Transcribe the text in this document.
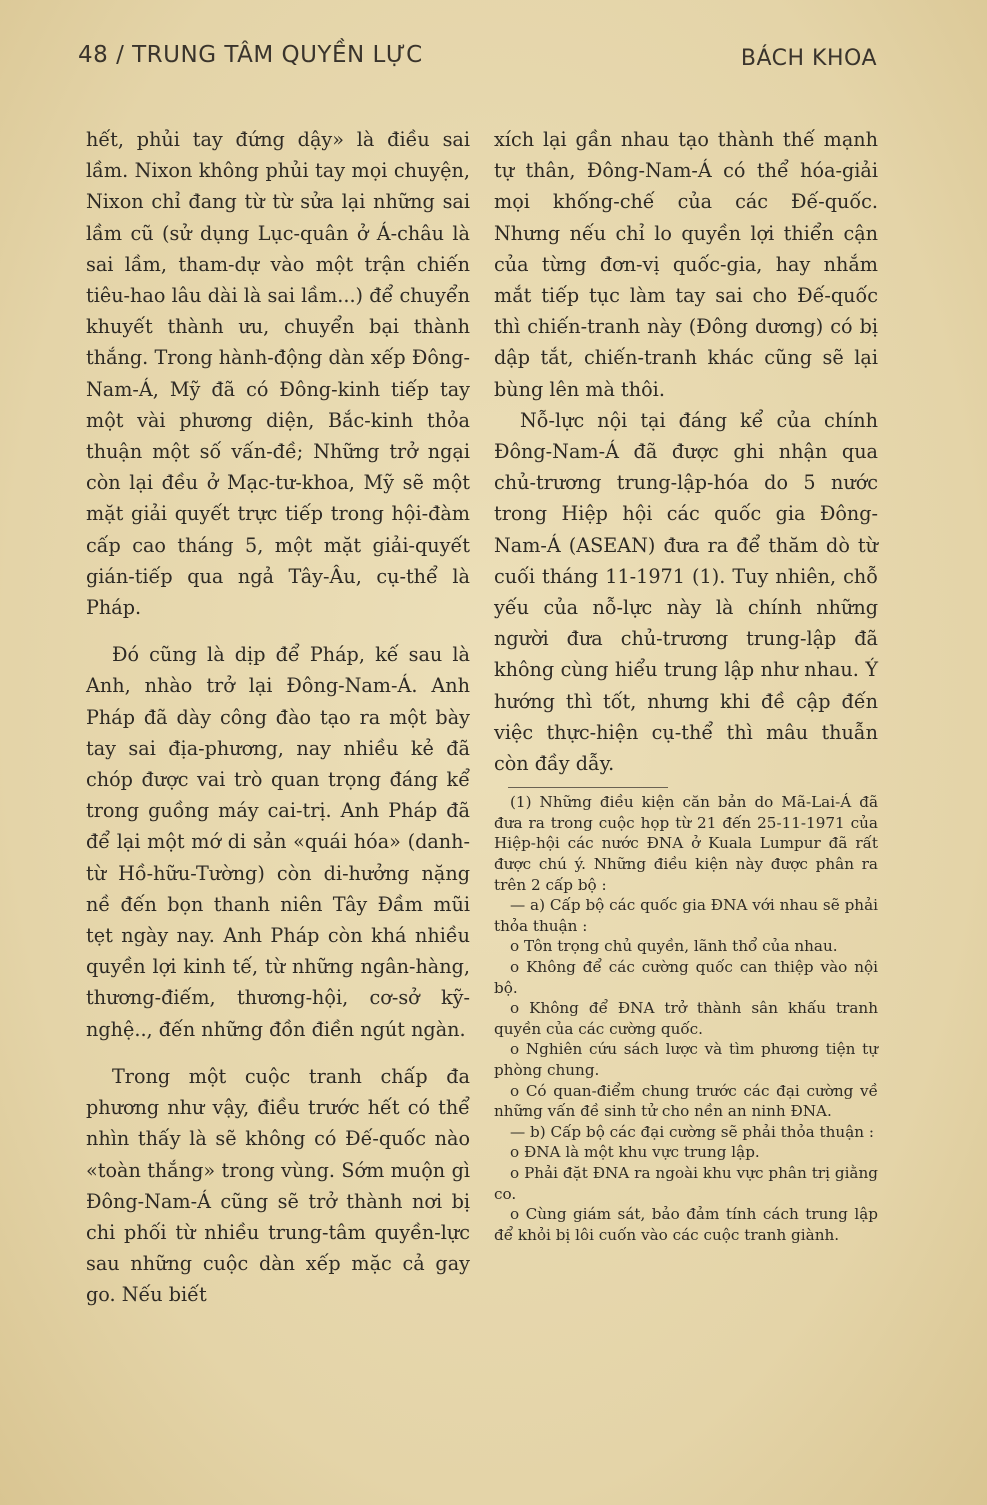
48 / TRUNG TÂM QUYỀN LỰC	BÁCH KHOA

hết, phủi tay đứng dậy» là điều sai lầm. Nixon không phủi tay mọi chuyện, Nixon chỉ đang từ từ sửa lại những sai lầm cũ (sử dụng Lục-quân ở Á-châu là sai lầm, tham-dự vào một trận chiến tiêu-hao lâu dài là sai lầm...) để chuyển khuyết thành ưu, chuyển bại thành thắng. Trong hành-động dàn xếp Đông-Nam-Á, Mỹ đã có Đông-kinh tiếp tay một vài phương diện, Bắc-kinh thỏa thuận một số vấn-đề; Những trở ngại còn lại đều ở Mạc-tư-khoa, Mỹ sẽ một mặt giải quyết trực tiếp trong hội-đàm cấp cao tháng 5, một mặt giải-quyết gián-tiếp qua ngả Tây-Âu, cụ-thể là Pháp.

Đó cũng là dịp để Pháp, kế sau là Anh, nhào trở lại Đông-Nam-Á. Anh Pháp đã dày công đào tạo ra một bày tay sai địa-phương, nay nhiều kẻ đã chóp được vai trò quan trọng đáng kể trong guồng máy cai-trị. Anh Pháp đã để lại một mớ di sản «quái hóa» (danh-từ Hồ-hữu-Tường) còn di-hưởng nặng nề đến bọn thanh niên Tây Đầm mũi tẹt ngày nay. Anh Pháp còn khá nhiều quyền lợi kinh tế, từ những ngân-hàng, thương-điếm, thương-hội, cơ-sở kỹ-nghệ.., đến những đồn điền ngút ngàn.

Trong một cuộc tranh chấp đa phương như vậy, điều trước hết có thể nhìn thấy là sẽ không có Đế-quốc nào «toàn thắng» trong vùng. Sớm muộn gì Đông-Nam-Á cũng sẽ trở thành nơi bị chi phối từ nhiều trung-tâm quyền-lực sau những cuộc dàn xếp mặc cả gay go. Nếu biết

xích lại gần nhau tạo thành thế mạnh tự thân, Đông-Nam-Á có thể hóa-giải mọi khống-chế của các Đế-quốc. Nhưng nếu chỉ lo quyền lợi thiển cận của từng đơn-vị quốc-gia, hay nhắm mắt tiếp tục làm tay sai cho Đế-quốc thì chiến-tranh này (Đông dương) có bị dập tắt, chiến-tranh khác cũng sẽ lại bùng lên mà thôi.

Nỗ-lực nội tại đáng kể của chính Đông-Nam-Á đã được ghi nhận qua chủ-trương trung-lập-hóa do 5 nước trong Hiệp hội các quốc gia Đông-Nam-Á (ASEAN) đưa ra để thăm dò từ cuối tháng 11-1971 (1). Tuy nhiên, chỗ yếu của nỗ-lực này là chính những người đưa chủ-trương trung-lập đã không cùng hiểu trung lập như nhau. Ý hướng thì tốt, nhưng khi đề cập đến việc thực-hiện cụ-thể thì mâu thuẫn còn đầy dẫy.

(1) Những điều kiện căn bản do Mã-Lai-Á đã đưa ra trong cuộc họp từ 21 đến 25-11-1971 của Hiệp-hội các nước ĐNA ở Kuala Lumpur đã rất được chú ý. Những điều kiện này được phân ra trên 2 cấp bộ :

— a) Cấp bộ các quốc gia ĐNA với nhau sẽ phải thỏa thuận :

o Tôn trọng chủ quyền, lãnh thổ của nhau.

o Không để các cường quốc can thiệp vào nội bộ.

o Không để ĐNA trở thành sân khấu tranh quyền của các cường quốc.

o Nghiên cứu sách lược và tìm phương tiện tự phòng chung.

o Có quan-điểm chung trước các đại cường về những vấn đề sinh tử cho nền an ninh ĐNA.

— b) Cấp bộ các đại cường sẽ phải thỏa thuận :

o ĐNA là một khu vực trung lập.

o Phải đặt ĐNA ra ngoài khu vực phân trị giằng co.

o Cùng giám sát, bảo đảm tính cách trung lập để khỏi bị lôi cuốn vào các cuộc tranh giành.
